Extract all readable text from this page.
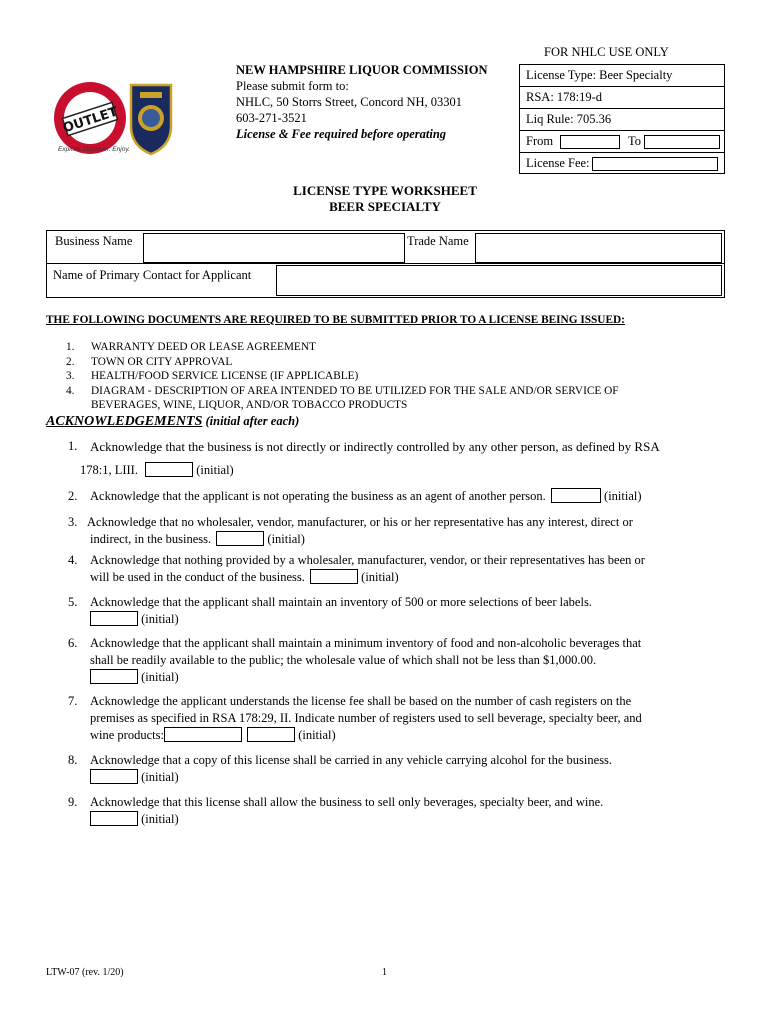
OUTLET
Explore. Discover. Enjoy.
NEW HAMPSHIRE LIQUOR COMMISSION
Please submit form to:
NHLC, 50 Storrs Street, Concord NH, 03301
603-271-3521
License & Fee required before operating
FOR NHLC USE ONLY
License Type: Beer Specialty
RSA: 178:19-d
Liq Rule: 705.36
From	To
License Fee:
LICENSE TYPE WORKSHEET
BEER SPECIALTY
Business Name	Trade Name
Name of Primary Contact for Applicant
THE FOLLOWING DOCUMENTS ARE REQUIRED TO BE SUBMITTED PRIOR TO A LICENSE BEING ISSUED:
1.	WARRANTY DEED OR LEASE AGREEMENT
2.	TOWN OR CITY APPROVAL
3.	HEALTH/FOOD SERVICE LICENSE (IF APPLICABLE)
4.	DIAGRAM - DESCRIPTION OF AREA INTENDED TO BE UTILIZED FOR THE SALE AND/OR SERVICE OF BEVERAGES, WINE, LIQUOR, AND/OR TOBACCO PRODUCTS
ACKNOWLEDGEMENTS (initial after each)
1. Acknowledge that the business is not directly or indirectly controlled by any other person, as defined by RSA
178:1, LIII.	(initial)
2. Acknowledge that the applicant is not operating the business as an agent of another person.	(initial)
3. Acknowledge that no wholesaler, vendor, manufacturer, or his or her representative has any interest, direct or
indirect, in the business.	(initial)
4. Acknowledge that nothing provided by a wholesaler, manufacturer, vendor, or their representatives has been or
will be used in the conduct of the business.	(initial)
5. Acknowledge that the applicant shall maintain an inventory of 500 or more selections of beer labels.
(initial)
6. Acknowledge that the applicant shall maintain a minimum inventory of food and non-alcoholic beverages that
shall be readily available to the public; the wholesale value of which shall not be less than $1,000.00.
(initial)
7. Acknowledge the applicant understands the license fee shall be based on the number of cash registers on the
premises as specified in RSA 178:29, II. Indicate number of registers used to sell beverage, specialty beer, and
wine products:	(initial)
8. Acknowledge that a copy of this license shall be carried in any vehicle carrying alcohol for the business.
(initial)
9. Acknowledge that this license shall allow the business to sell only beverages, specialty beer, and wine.
(initial)
LTW-07 (rev. 1/20)	1
